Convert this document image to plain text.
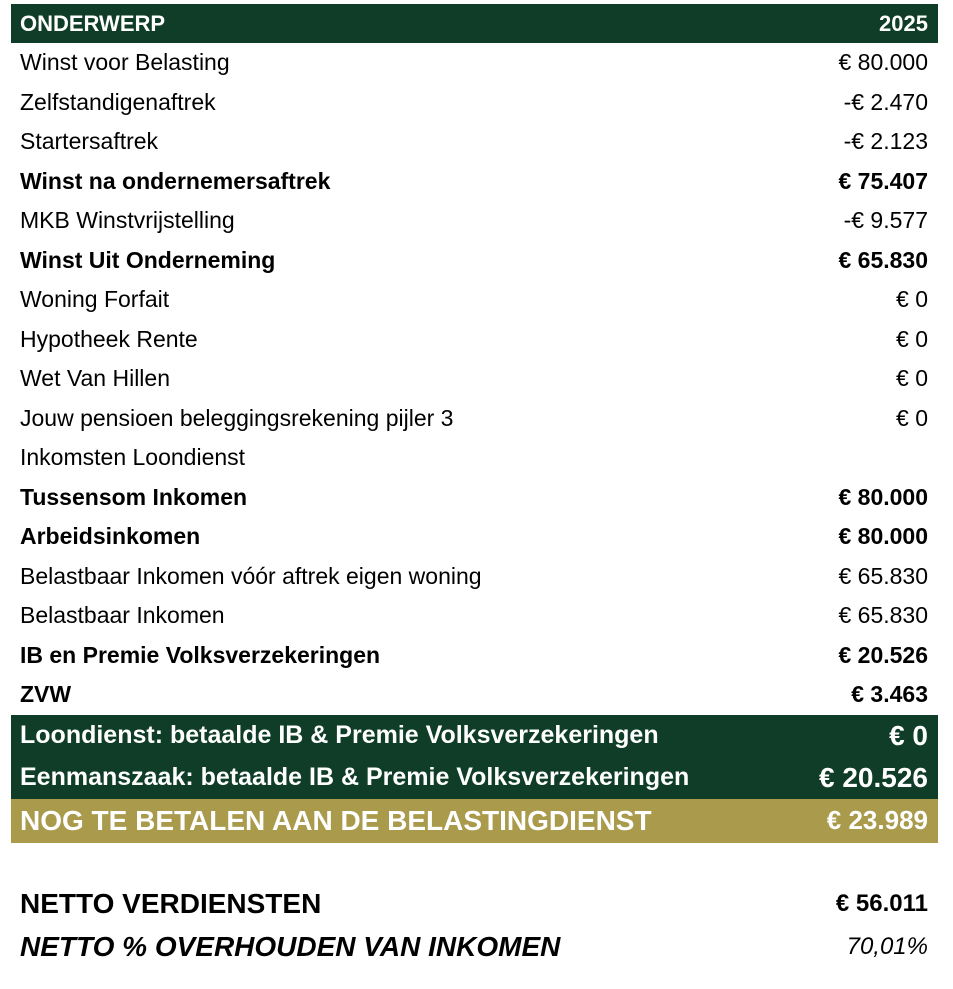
ONDERWERP	2025
Winst voor Belasting	€ 80.000
Zelfstandigenaftrek	-€ 2.470
Startersaftrek	-€ 2.123
Winst na ondernemersaftrek	€ 75.407
MKB Winstvrijstelling	-€ 9.577
Winst Uit Onderneming	€ 65.830
Woning Forfait	€ 0
Hypotheek Rente	€ 0
Wet Van Hillen	€ 0
Jouw pensioen beleggingsrekening pijler 3	€ 0
Inkomsten Loondienst
Tussensom Inkomen	€ 80.000
Arbeidsinkomen	€ 80.000
Belastbaar Inkomen vóór aftrek eigen woning	€ 65.830
Belastbaar Inkomen	€ 65.830
IB en Premie Volksverzekeringen	€ 20.526
ZVW	€ 3.463
Loondienst: betaalde IB & Premie Volksverzekeringen	€ 0
Eenmanszaak: betaalde IB & Premie Volksverzekeringen	€ 20.526
NOG TE BETALEN AAN DE BELASTINGDIENST	€ 23.989
NETTO VERDIENSTEN	€ 56.011
NETTO % OVERHOUDEN VAN INKOMEN	70,01%
